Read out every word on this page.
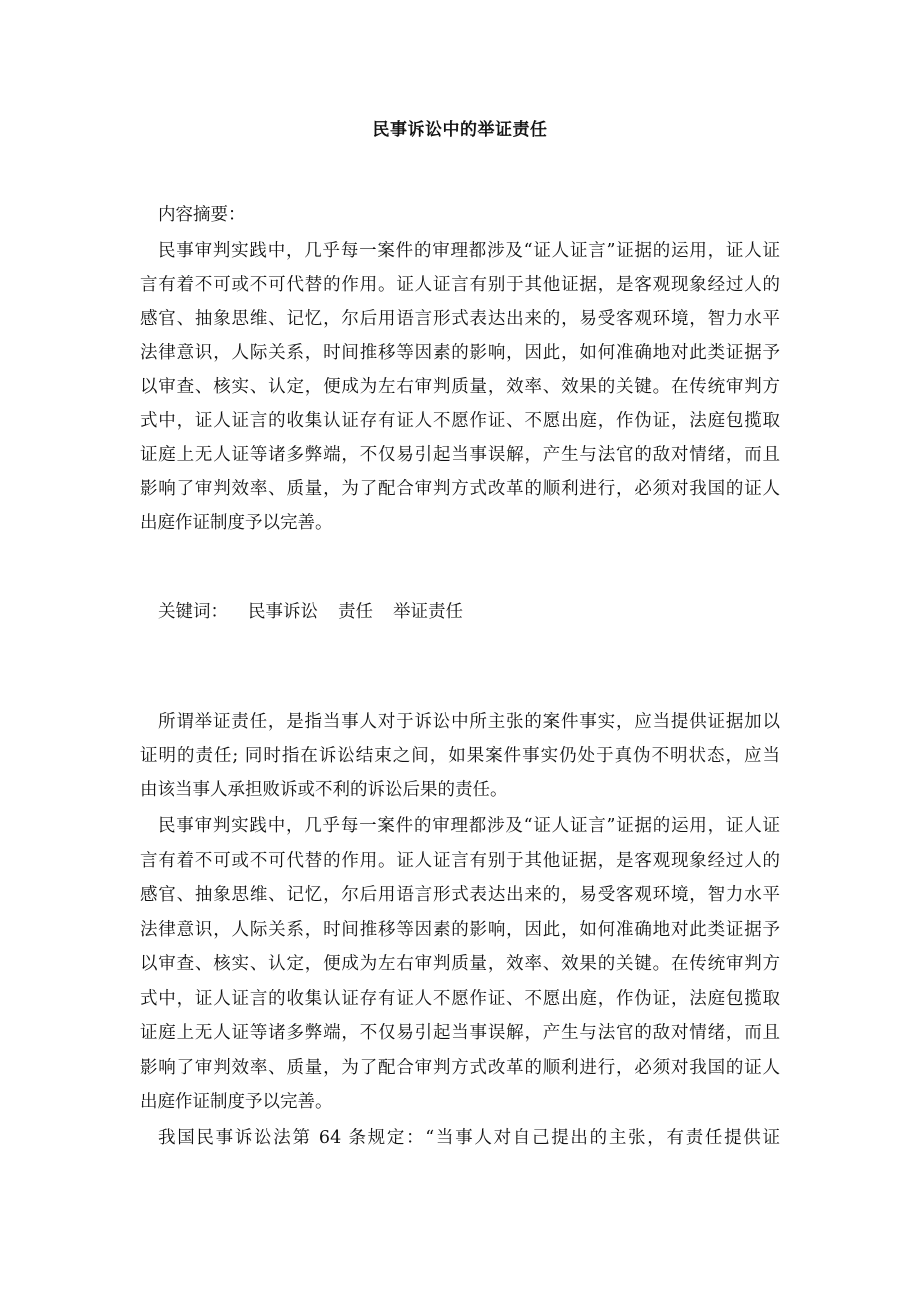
民事诉讼中的举证责任
内容摘要：
民事审判实践中，几乎每一案件的审理都涉及“证人证言”证据的运用，证人证
言有着不可或不可代替的作用。证人证言有别于其他证据，是客观现象经过人的
感官、抽象思维、记忆，尔后用语言形式表达出来的，易受客观环境，智力水平
法律意识，人际关系，时间推移等因素的影响，因此，如何准确地对此类证据予
以审查、核实、认定，便成为左右审判质量，效率、效果的关键。在传统审判方
式中，证人证言的收集认证存有证人不愿作证、不愿出庭，作伪证，法庭包揽取
证庭上无人证等诸多弊端，不仅易引起当事误解，产生与法官的敌对情绪，而且
影响了审判效率、质量，为了配合审判方式改革的顺利进行，必须对我国的证人
出庭作证制度予以完善。
关键词： 民事诉讼 责任 举证责任
所谓举证责任，是指当事人对于诉讼中所主张的案件事实，应当提供证据加以
证明的责任; 同时指在诉讼结束之间，如果案件事实仍处于真伪不明状态，应当
由该当事人承担败诉或不利的诉讼后果的责任。
民事审判实践中，几乎每一案件的审理都涉及“证人证言”证据的运用，证人证
言有着不可或不可代替的作用。证人证言有别于其他证据，是客观现象经过人的
感官、抽象思维、记忆，尔后用语言形式表达出来的，易受客观环境，智力水平
法律意识，人际关系，时间推移等因素的影响，因此，如何准确地对此类证据予
以审查、核实、认定，便成为左右审判质量，效率、效果的关键。在传统审判方
式中，证人证言的收集认证存有证人不愿作证、不愿出庭，作伪证，法庭包揽取
证庭上无人证等诸多弊端，不仅易引起当事误解，产生与法官的敌对情绪，而且
影响了审判效率、质量，为了配合审判方式改革的顺利进行，必须对我国的证人
出庭作证制度予以完善。
我国民事诉讼法第 64 条规定：“当事人对自己提出的主张，有责任提供证
